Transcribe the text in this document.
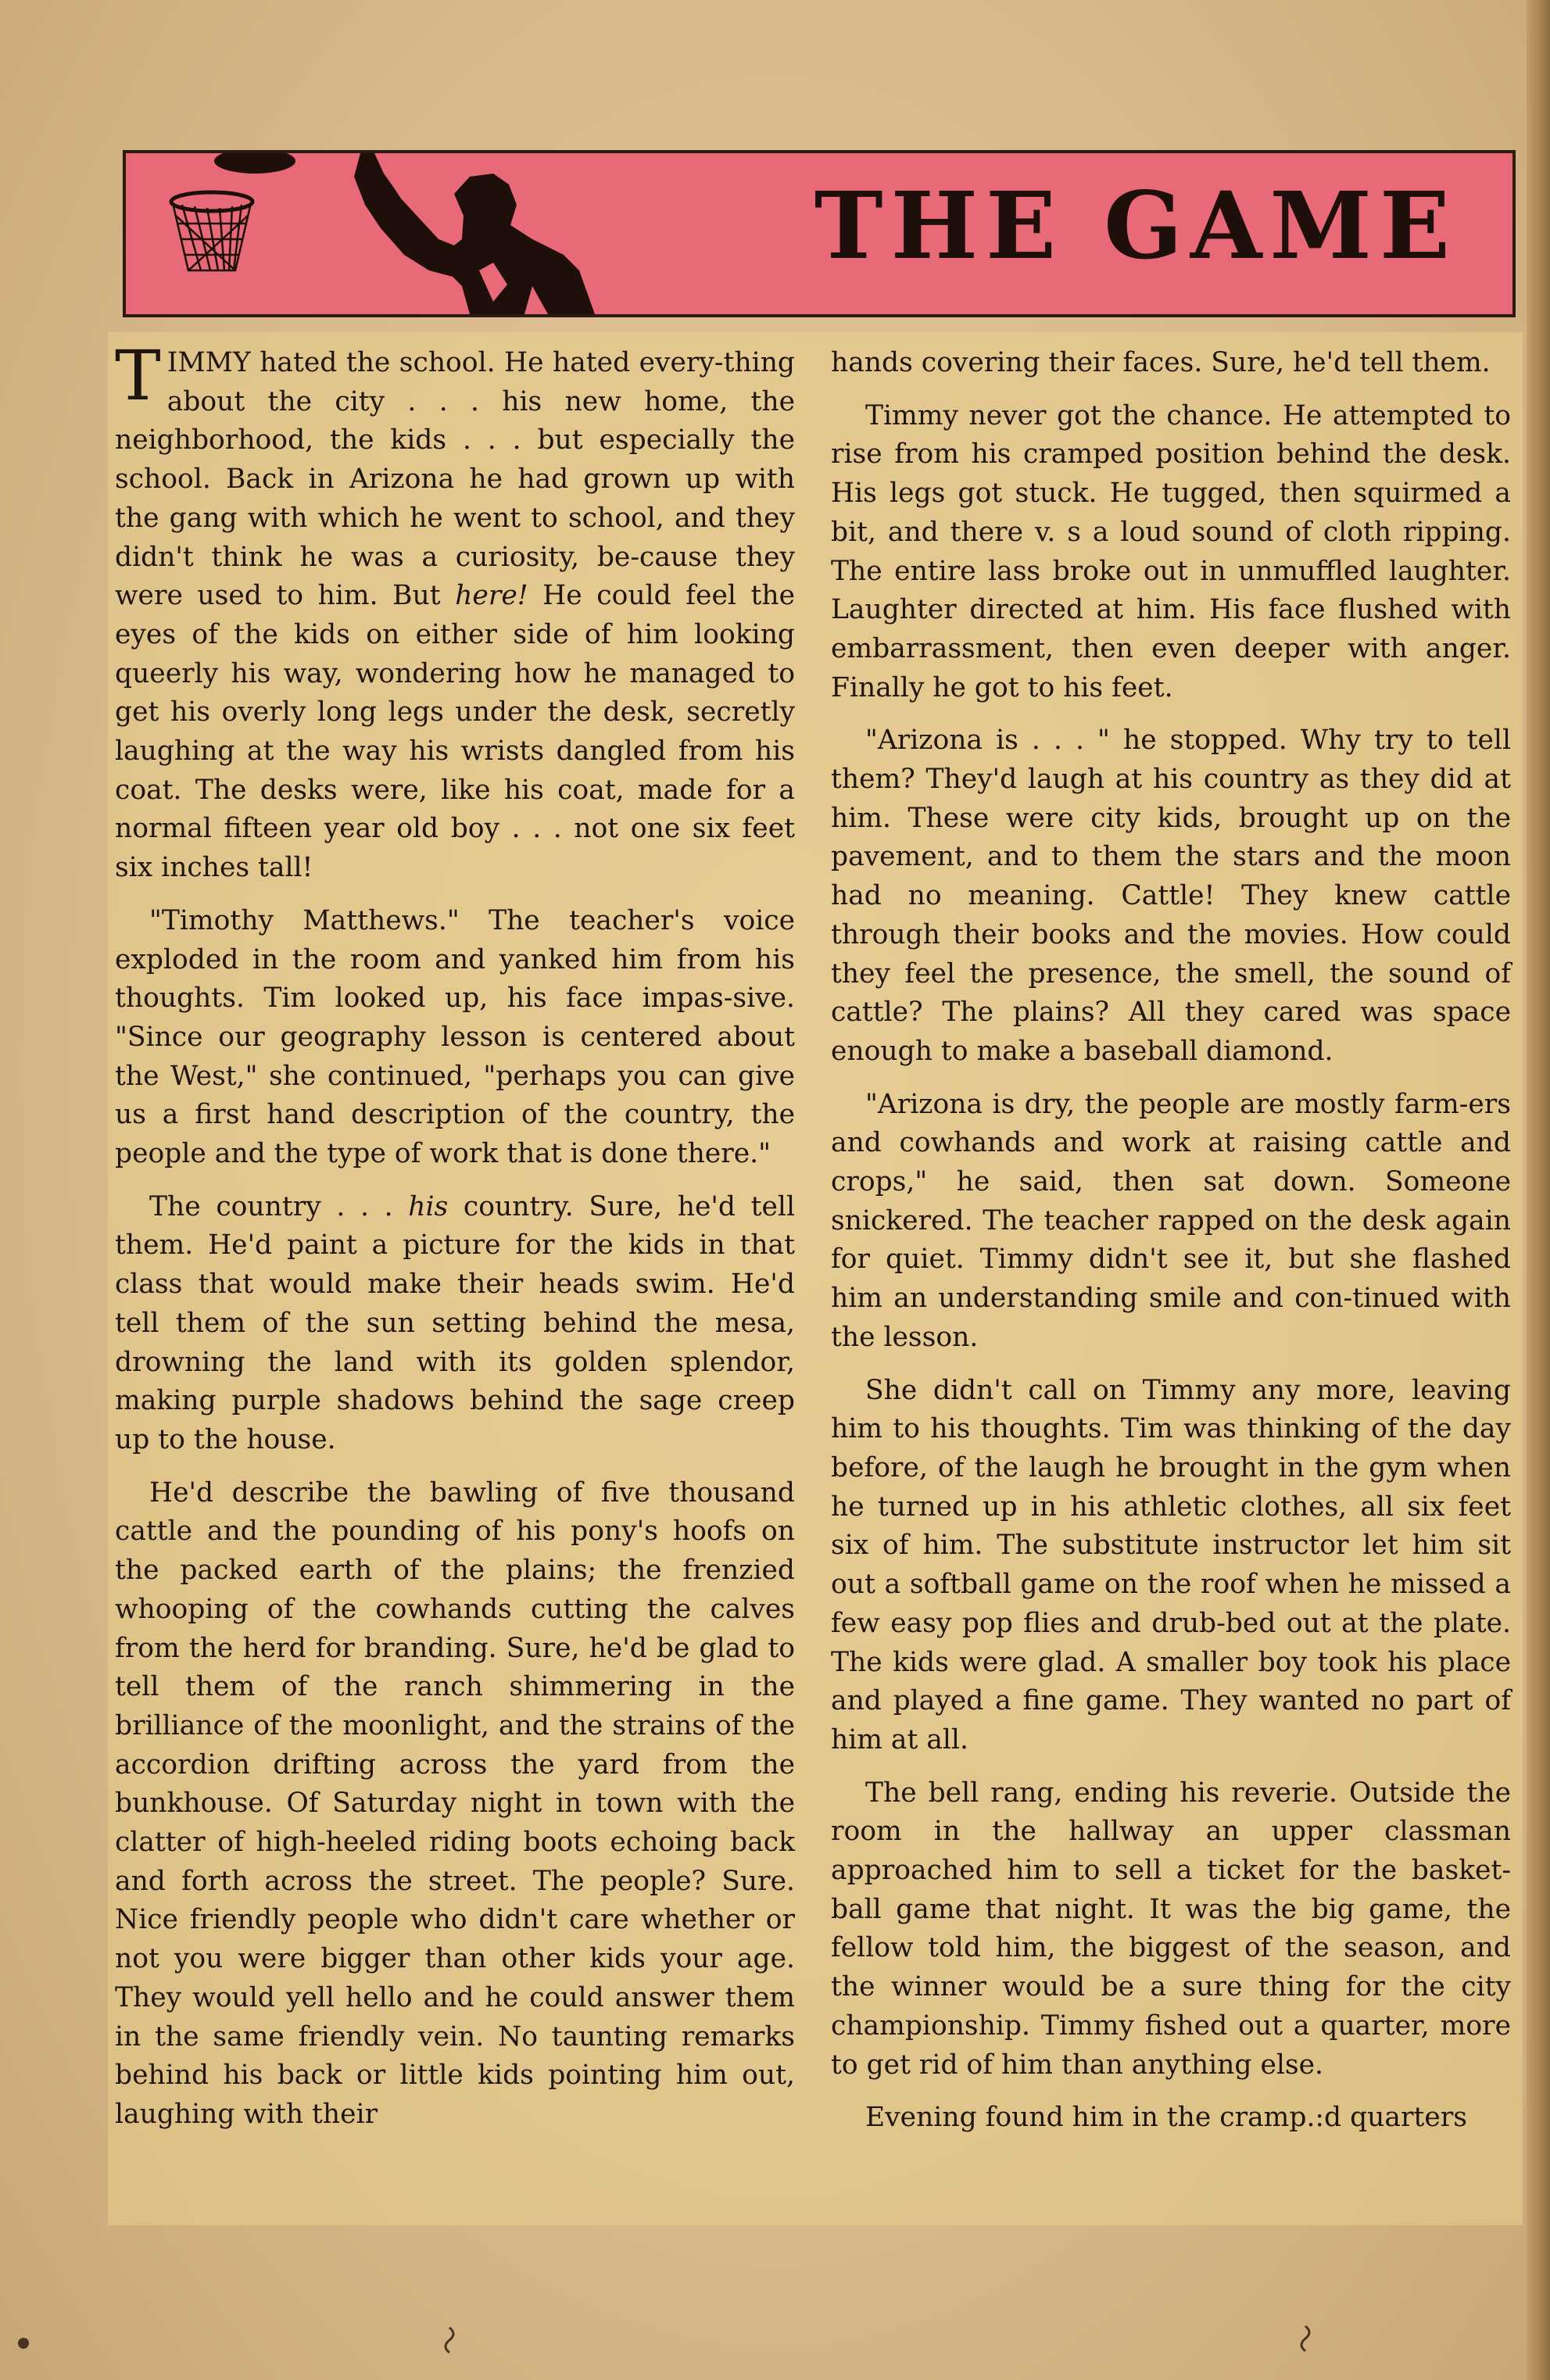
THE GAME

TIMMY hated the school. He hated every-thing about the city . . . his new home, the neighborhood, the kids . . . but especially the school. Back in Arizona he had grown up with the gang with which he went to school, and they didn't think he was a curiosity, be-cause they were used to him. But here! He could feel the eyes of the kids on either side of him looking queerly his way, wondering how he managed to get his overly long legs under the desk, secretly laughing at the way his wrists dangled from his coat. The desks were, like his coat, made for a normal fifteen year old boy . . . not one six feet six inches tall!

"Timothy Matthews." The teacher's voice exploded in the room and yanked him from his thoughts. Tim looked up, his face impas-sive. "Since our geography lesson is centered about the West," she continued, "perhaps you can give us a first hand description of the country, the people and the type of work that is done there."

The country . . . his country. Sure, he'd tell them. He'd paint a picture for the kids in that class that would make their heads swim. He'd tell them of the sun setting behind the mesa, drowning the land with its golden splendor, making purple shadows behind the sage creep up to the house.

He'd describe the bawling of five thousand cattle and the pounding of his pony's hoofs on the packed earth of the plains; the frenzied whooping of the cowhands cutting the calves from the herd for branding. Sure, he'd be glad to tell them of the ranch shimmering in the brilliance of the moonlight, and the strains of the accordion drifting across the yard from the bunkhouse. Of Saturday night in town with the clatter of high-heeled riding boots echoing back and forth across the street. The people? Sure. Nice friendly people who didn't care whether or not you were bigger than other kids your age. They would yell hello and he could answer them in the same friendly vein. No taunting remarks behind his back or little kids pointing him out, laughing with their

hands covering their faces. Sure, he'd tell them.

Timmy never got the chance. He attempted to rise from his cramped position behind the desk. His legs got stuck. He tugged, then squirmed a bit, and there v. s a loud sound of cloth ripping. The entire lass broke out in unmuffled laughter. Laughter directed at him. His face flushed with embarrassment, then even deeper with anger. Finally he got to his feet.

"Arizona is . . . " he stopped. Why try to tell them? They'd laugh at his country as they did at him. These were city kids, brought up on the pavement, and to them the stars and the moon had no meaning. Cattle! They knew cattle through their books and the movies. How could they feel the presence, the smell, the sound of cattle? The plains? All they cared was space enough to make a baseball diamond.

"Arizona is dry, the people are mostly farm-ers and cowhands and work at raising cattle and crops," he said, then sat down. Someone snickered. The teacher rapped on the desk again for quiet. Timmy didn't see it, but she flashed him an understanding smile and con-tinued with the lesson.

She didn't call on Timmy any more, leaving him to his thoughts. Tim was thinking of the day before, of the laugh he brought in the gym when he turned up in his athletic clothes, all six feet six of him. The substitute instructor let him sit out a softball game on the roof when he missed a few easy pop flies and drub-bed out at the plate. The kids were glad. A smaller boy took his place and played a fine game. They wanted no part of him at all.

The bell rang, ending his reverie. Outside the room in the hallway an upper classman approached him to sell a ticket for the basket-ball game that night. It was the big game, the fellow told him, the biggest of the season, and the winner would be a sure thing for the city championship. Timmy fished out a quarter, more to get rid of him than anything else.

Evening found him in the cramp.:d quarters
